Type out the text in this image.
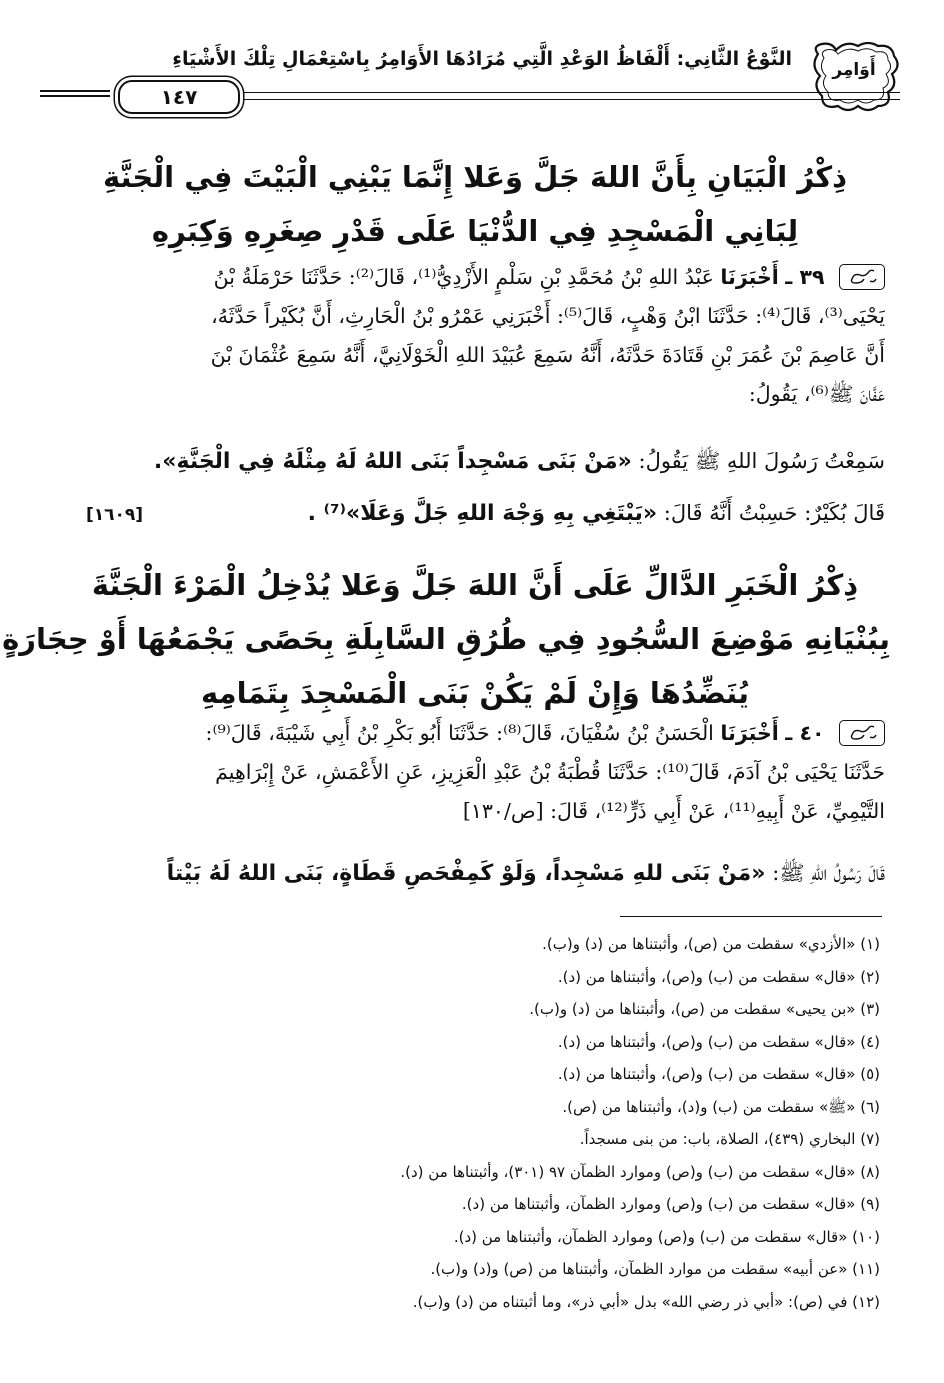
أَوَامِر
النَّوْعُ الثَّانِي: أَلْفَاظُ الوَعْدِ الَّتِي مُرَادُهَا الأَوَامِرُ بِاسْتِعْمَالِ تِلْكَ الأَشْيَاءِ
١٤٧
ذِكْرُ الْبَيَانِ بِأَنَّ اللهَ جَلَّ وَعَلا إِنَّمَا يَبْنِي الْبَيْتَ فِي الْجَنَّةِ
لِبَانِي الْمَسْجِدِ فِي الدُّنْيَا عَلَى قَدْرِ صِغَرِهِ وَكِبَرِهِ
٣٩ ـ أَخْبَرَنَا عَبْدُ اللهِ بْنُ مُحَمَّدِ بْنِ سَلْمٍ الأَزْدِيُّ⁽¹⁾، قَالَ⁽²⁾: حَدَّثَنَا حَرْمَلَةُ بْنُ
يَحْيَى⁽³⁾، قَالَ⁽⁴⁾: حَدَّثَنَا ابْنُ وَهْبٍ، قَالَ⁽⁵⁾: أَخْبَرَنِي عَمْرُو بْنُ الْحَارِثِ، أَنَّ بُكَيْراً حَدَّثَهُ،
أَنَّ عَاصِمَ بْنَ عُمَرَ بْنِ قَتَادَةَ حَدَّثَهُ، أَنَّهُ سَمِعَ عُبَيْدَ اللهِ الْخَوْلَانِيَّ، أَنَّهُ سَمِعَ عُثْمَانَ بْنَ
عَفَّانَ ﷺ⁽⁶⁾، يَقُولُ:
سَمِعْتُ رَسُولَ اللهِ ﷺ يَقُولُ: «مَنْ بَنَى مَسْجِداً بَنَى اللهُ لَهُ مِثْلَهُ فِي الْجَنَّةِ».
قَالَ بُكَيْرٌ: حَسِبْتُ أَنَّهُ قَالَ: «يَبْتَغِي بِهِ وَجْهَ اللهِ جَلَّ وَعَلَا»⁽⁷⁾ .
[١٦٠٩]
ذِكْرُ الْخَبَرِ الدَّالِّ عَلَى أَنَّ اللهَ جَلَّ وَعَلا يُدْخِلُ الْمَرْءَ الْجَنَّةَ
بِبُنْيَانِهِ مَوْضِعَ السُّجُودِ فِي طُرُقِ السَّابِلَةِ بِحَصًى يَجْمَعُهَا أَوْ حِجَارَةٍ
يُنَضِّدُهَا وَإِنْ لَمْ يَكُنْ بَنَى الْمَسْجِدَ بِتَمَامِهِ
٤٠ ـ أَخْبَرَنَا الْحَسَنُ بْنُ سُفْيَانَ، قَالَ⁽⁸⁾: حَدَّثَنَا أَبُو بَكْرِ بْنُ أَبِي شَيْبَةَ، قَالَ⁽⁹⁾:
حَدَّثَنَا يَحْيَى بْنُ آدَمَ، قَالَ⁽¹⁰⁾: حَدَّثَنَا قُطْبَةُ بْنُ عَبْدِ الْعَزِيزِ، عَنِ الأَعْمَشِ، عَنْ إِبْرَاهِيمَ
التَّيْمِيِّ، عَنْ أَبِيهِ⁽¹¹⁾، عَنْ أَبِي ذَرٍّ⁽¹²⁾، قَالَ: [ص/١٣٠]
قَالَ رَسُولُ اللهِ ﷺ: «مَنْ بَنَى للهِ مَسْجِداً، وَلَوْ كَمِفْحَصِ قَطَاةٍ، بَنَى اللهُ لَهُ بَيْتاً
(١) «الأزدي» سقطت من (ص)، وأثبتناها من (د) و(ب).
(٢) «قال» سقطت من (ب) و(ص)، وأثبتناها من (د).
(٣) «بن يحيى» سقطت من (ص)، وأثبتناها من (د) و(ب).
(٤) «قال» سقطت من (ب) و(ص)، وأثبتناها من (د).
(٥) «قال» سقطت من (ب) و(ص)، وأثبتناها من (د).
(٦) «ﷺ» سقطت من (ب) و(د)، وأثبتناها من (ص).
(٧) البخاري (٤٣٩)، الصلاة، باب: من بنى مسجداً.
(٨) «قال» سقطت من (ب) و(ص) وموارد الظمآن ٩٧ (٣٠١)، وأثبتناها من (د).
(٩) «قال» سقطت من (ب) و(ص) وموارد الظمآن، وأثبتناها من (د).
(١٠) «قال» سقطت من (ب) و(ص) وموارد الظمآن، وأثبتناها من (د).
(١١) «عن أبيه» سقطت من موارد الظمآن، وأثبتناها من (ص) و(د) و(ب).
(١٢) في (ص): «أبي ذر رضي الله» بدل «أبي ذر»، وما أثبتناه من (د) و(ب).
